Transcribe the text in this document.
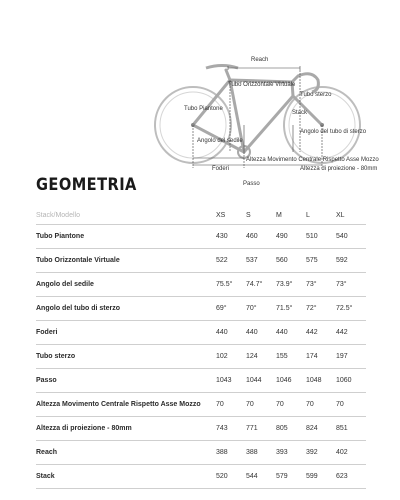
Reach
Tubo Orizzontale Virtuale
Tubo sterzo
Stack
Tubo Piantone
Angolo del sedile
Angolo del tubo di sterzo
Altezza Movimento Centrale Rispetto Asse Mozzo
Altezza di proiezione - 80mm
Foderi
Passo
GEOMETRIA
Stack/Modello	XS	S	M	L	XL
Tubo Piantone	430	460	490	510	540
Tubo Orizzontale Virtuale	522	537	560	575	592
Angolo del sedile	75.5°	74.7°	73.9°	73°	73°
Angolo del tubo di sterzo	69°	70°	71.5°	72°	72.5°
Foderi	440	440	440	442	442
Tubo sterzo	102	124	155	174	197
Passo	1043	1044	1046	1048	1060
Altezza Movimento Centrale Rispetto Asse Mozzo	70	70	70	70	70
Altezza di proiezione - 80mm	743	771	805	824	851
Reach	388	388	393	392	402
Stack	520	544	579	599	623
